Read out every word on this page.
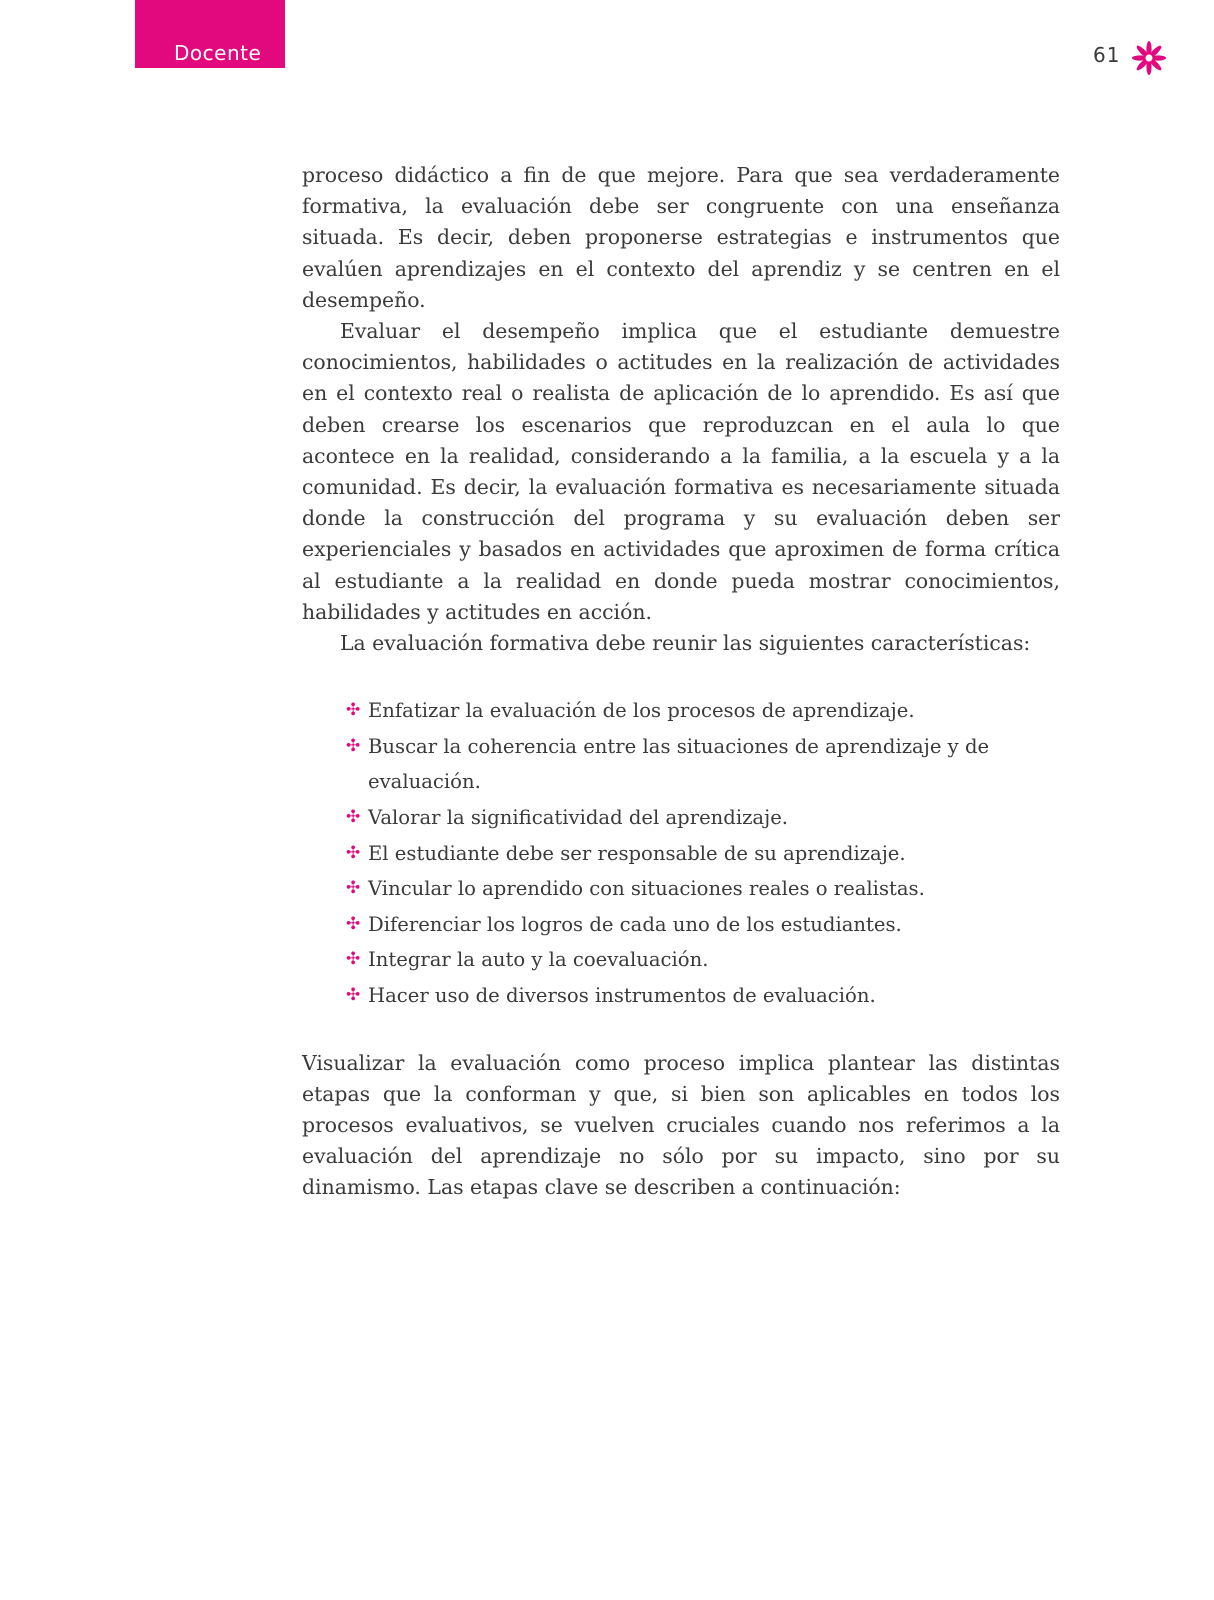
Docente	61

proceso didáctico a fin de que mejore. Para que sea verdaderamente formativa, la evaluación debe ser congruente con una enseñanza situada. Es decir, deben proponerse estrategias e instrumentos que evalúen aprendizajes en el contexto del aprendiz y se centren en el desempeño.

Evaluar el desempeño implica que el estudiante demuestre conocimientos, habilidades o actitudes en la realización de actividades en el contexto real o realista de aplicación de lo aprendido. Es así que deben crearse los escenarios que reproduzcan en el aula lo que acontece en la realidad, considerando a la familia, a la escuela y a la comunidad. Es decir, la evaluación formativa es necesariamente situada donde la construcción del programa y su evaluación deben ser experienciales y basados en actividades que aproximen de forma crítica al estudiante a la realidad en donde pueda mostrar conocimientos, habilidades y actitudes en acción.

La evaluación formativa debe reunir las siguientes características:

✣ Enfatizar la evaluación de los procesos de aprendizaje.
✣ Buscar la coherencia entre las situaciones de aprendizaje y de evaluación.
✣ Valorar la significatividad del aprendizaje.
✣ El estudiante debe ser responsable de su aprendizaje.
✣ Vincular lo aprendido con situaciones reales o realistas.
✣ Diferenciar los logros de cada uno de los estudiantes.
✣ Integrar la auto y la coevaluación.
✣ Hacer uso de diversos instrumentos de evaluación.

Visualizar la evaluación como proceso implica plantear las distintas etapas que la conforman y que, si bien son aplicables en todos los procesos evaluativos, se vuelven cruciales cuando nos referimos a la evaluación del aprendizaje no sólo por su impacto, sino por su dinamismo. Las etapas clave se describen a continuación:
